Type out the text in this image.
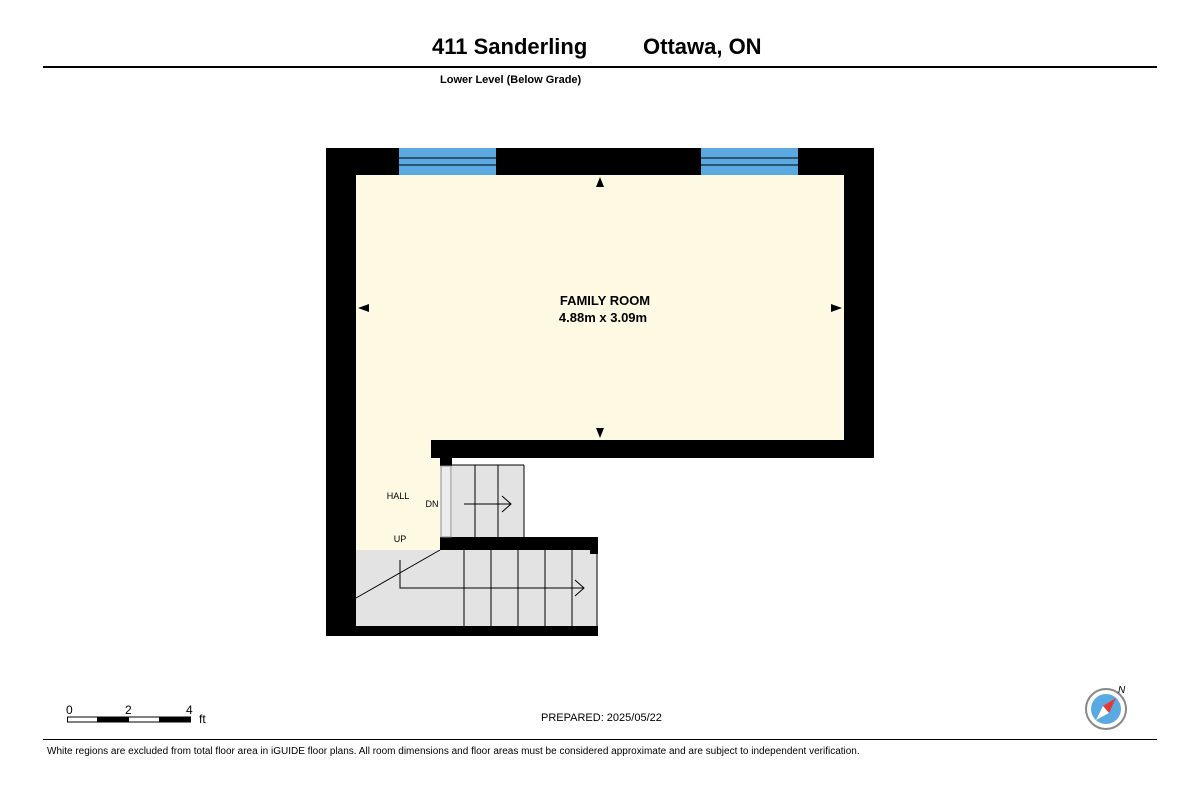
411 Sanderling	Ottawa, ON
Lower Level (Below Grade)
FAMILY ROOM
4.88m x 3.09m
HALL
DN
UP
0	2	4
ft	PREPARED: 2025/05/22
White regions are excluded from total floor area in iGUIDE floor plans. All room dimensions and floor areas must be considered approximate and are subject to independent verification.
N
